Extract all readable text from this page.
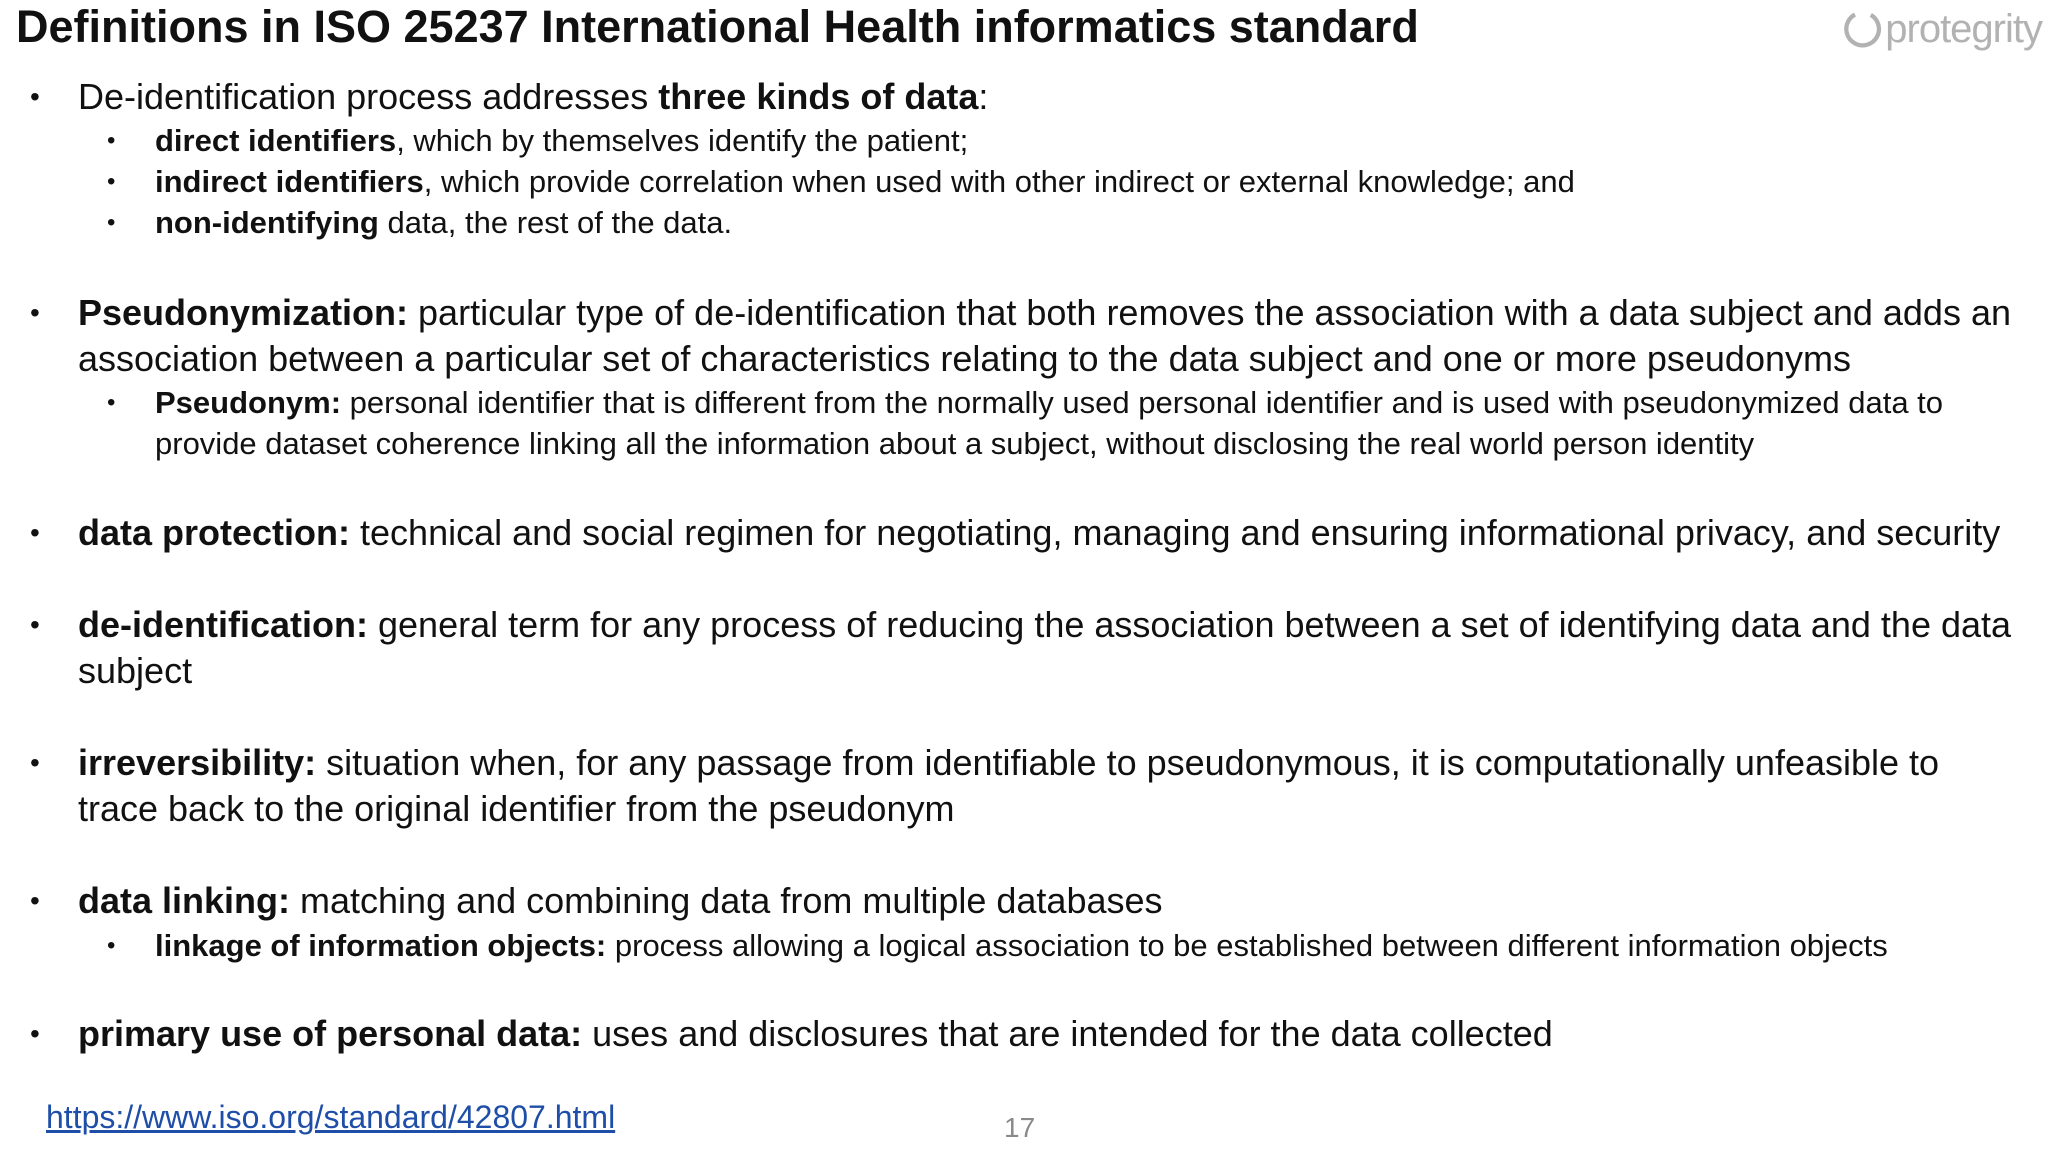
Definitions in ISO 25237 International Health informatics standard	protegrity
• De-identification process addresses three kinds of data:
• direct identifiers, which by themselves identify the patient;
• indirect identifiers, which provide correlation when used with other indirect or external knowledge; and
• non-identifying data, the rest of the data.
• Pseudonymization: particular type of de-identification that both removes the association with a data subject and adds an association between a particular set of characteristics relating to the data subject and one or more pseudonyms
• Pseudonym: personal identifier that is different from the normally used personal identifier and is used with pseudonymized data to provide dataset coherence linking all the information about a subject, without disclosing the real world person identity
• data protection: technical and social regimen for negotiating, managing and ensuring informational privacy, and security
• de-identification: general term for any process of reducing the association between a set of identifying data and the data subject
• irreversibility: situation when, for any passage from identifiable to pseudonymous, it is computationally unfeasible to trace back to the original identifier from the pseudonym
• data linking: matching and combining data from multiple databases
• linkage of information objects: process allowing a logical association to be established between different information objects
• primary use of personal data: uses and disclosures that are intended for the data collected
https://www.iso.org/standard/42807.html	17
